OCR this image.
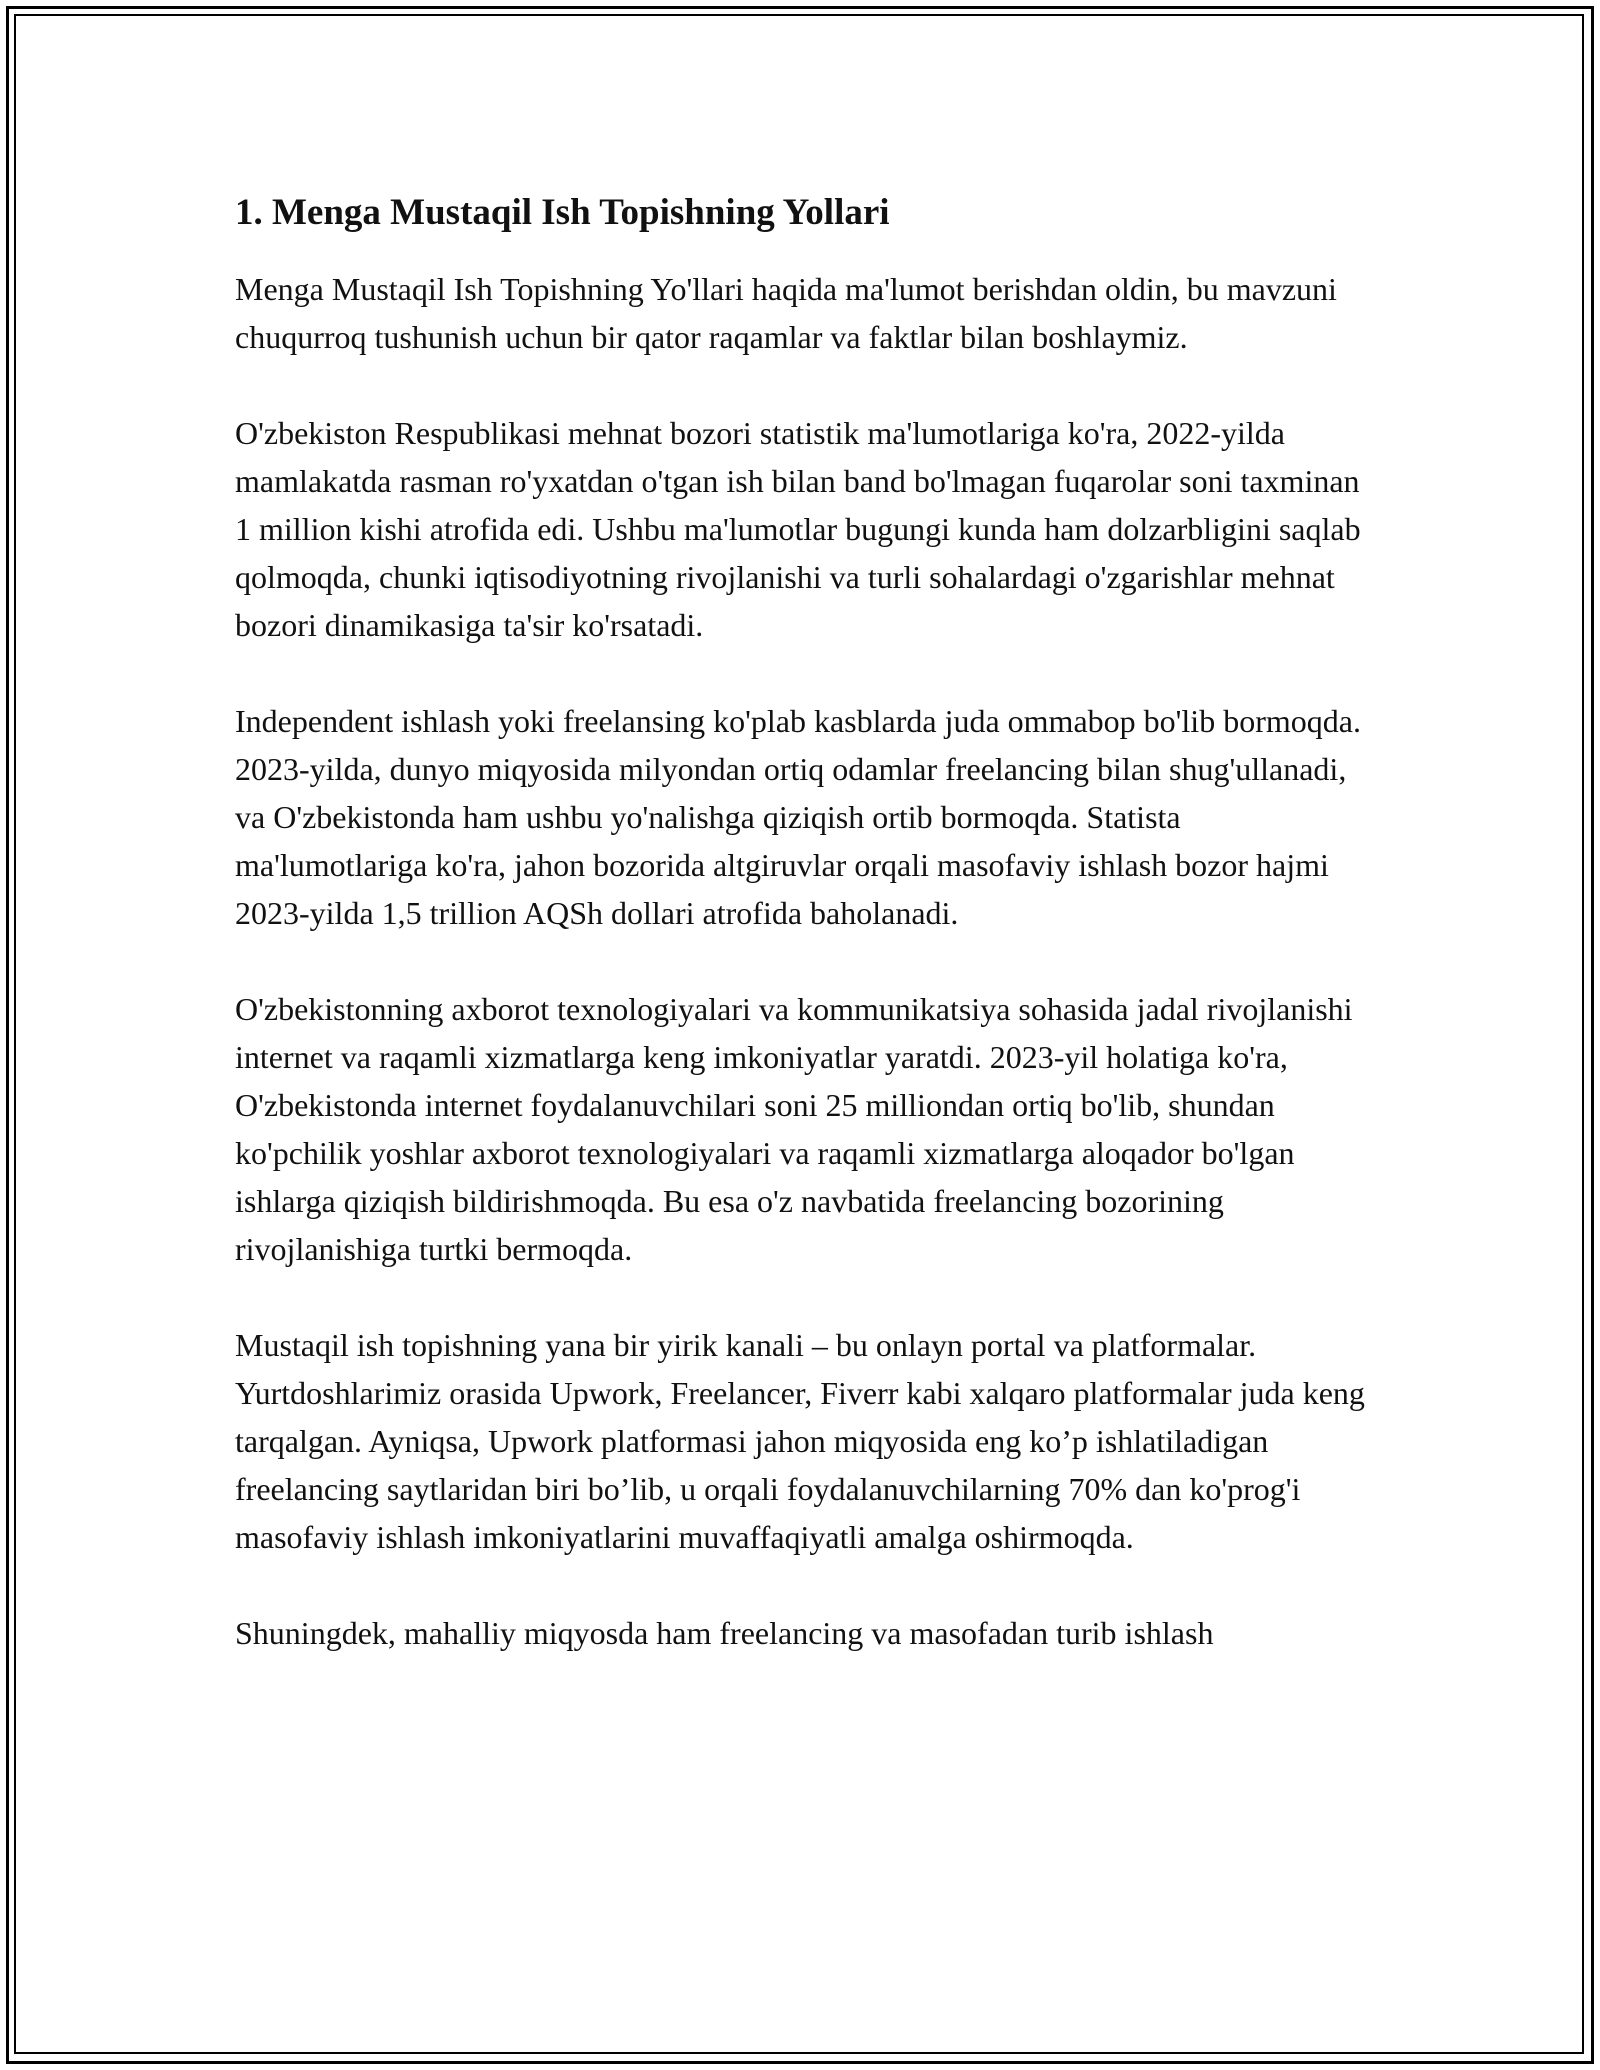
1. Menga Mustaqil Ish Topishning Yollari

Menga Mustaqil Ish Topishning Yo'llari haqida ma'lumot berishdan oldin, bu mavzuni chuqurroq tushunish uchun bir qator raqamlar va faktlar bilan boshlaymiz.

O'zbekiston Respublikasi mehnat bozori statistik ma'lumotlariga ko'ra, 2022-yilda mamlakatda rasman ro'yxatdan o'tgan ish bilan band bo'lmagan fuqarolar soni taxminan 1 million kishi atrofida edi. Ushbu ma'lumotlar bugungi kunda ham dolzarbligini saqlab qolmoqda, chunki iqtisodiyotning rivojlanishi va turli sohalardagi o'zgarishlar mehnat bozori dinamikasiga ta'sir ko'rsatadi.

Independent ishlash yoki freelansing ko'plab kasblarda juda ommabop bo'lib bormoqda. 2023-yilda, dunyo miqyosida milyondan ortiq odamlar freelancing bilan shug'ullanadi, va O'zbekistonda ham ushbu yo'nalishga qiziqish ortib bormoqda. Statista ma'lumotlariga ko'ra, jahon bozorida altgiruvlar orqali masofaviy ishlash bozor hajmi 2023-yilda 1,5 trillion AQSh dollari atrofida baholanadi.

O'zbekistonning axborot texnologiyalari va kommunikatsiya sohasida jadal rivojlanishi internet va raqamli xizmatlarga keng imkoniyatlar yaratdi. 2023-yil holatiga ko'ra, O'zbekistonda internet foydalanuvchilari soni 25 milliondan ortiq bo'lib, shundan ko'pchilik yoshlar axborot texnologiyalari va raqamli xizmatlarga aloqador bo'lgan ishlarga qiziqish bildirishmoqda. Bu esa o'z navbatida freelancing bozorining rivojlanishiga turtki bermoqda.

Mustaqil ish topishning yana bir yirik kanali – bu onlayn portal va platformalar. Yurtdoshlarimiz orasida Upwork, Freelancer, Fiverr kabi xalqaro platformalar juda keng tarqalgan. Ayniqsa, Upwork platformasi jahon miqyosida eng ko’p ishlatiladigan freelancing saytlaridan biri bo’lib, u orqali foydalanuvchilarning 70% dan ko'prog'i masofaviy ishlash imkoniyatlarini muvaffaqiyatli amalga oshirmoqda.

Shuningdek, mahalliy miqyosda ham freelancing va masofadan turib ishlash
